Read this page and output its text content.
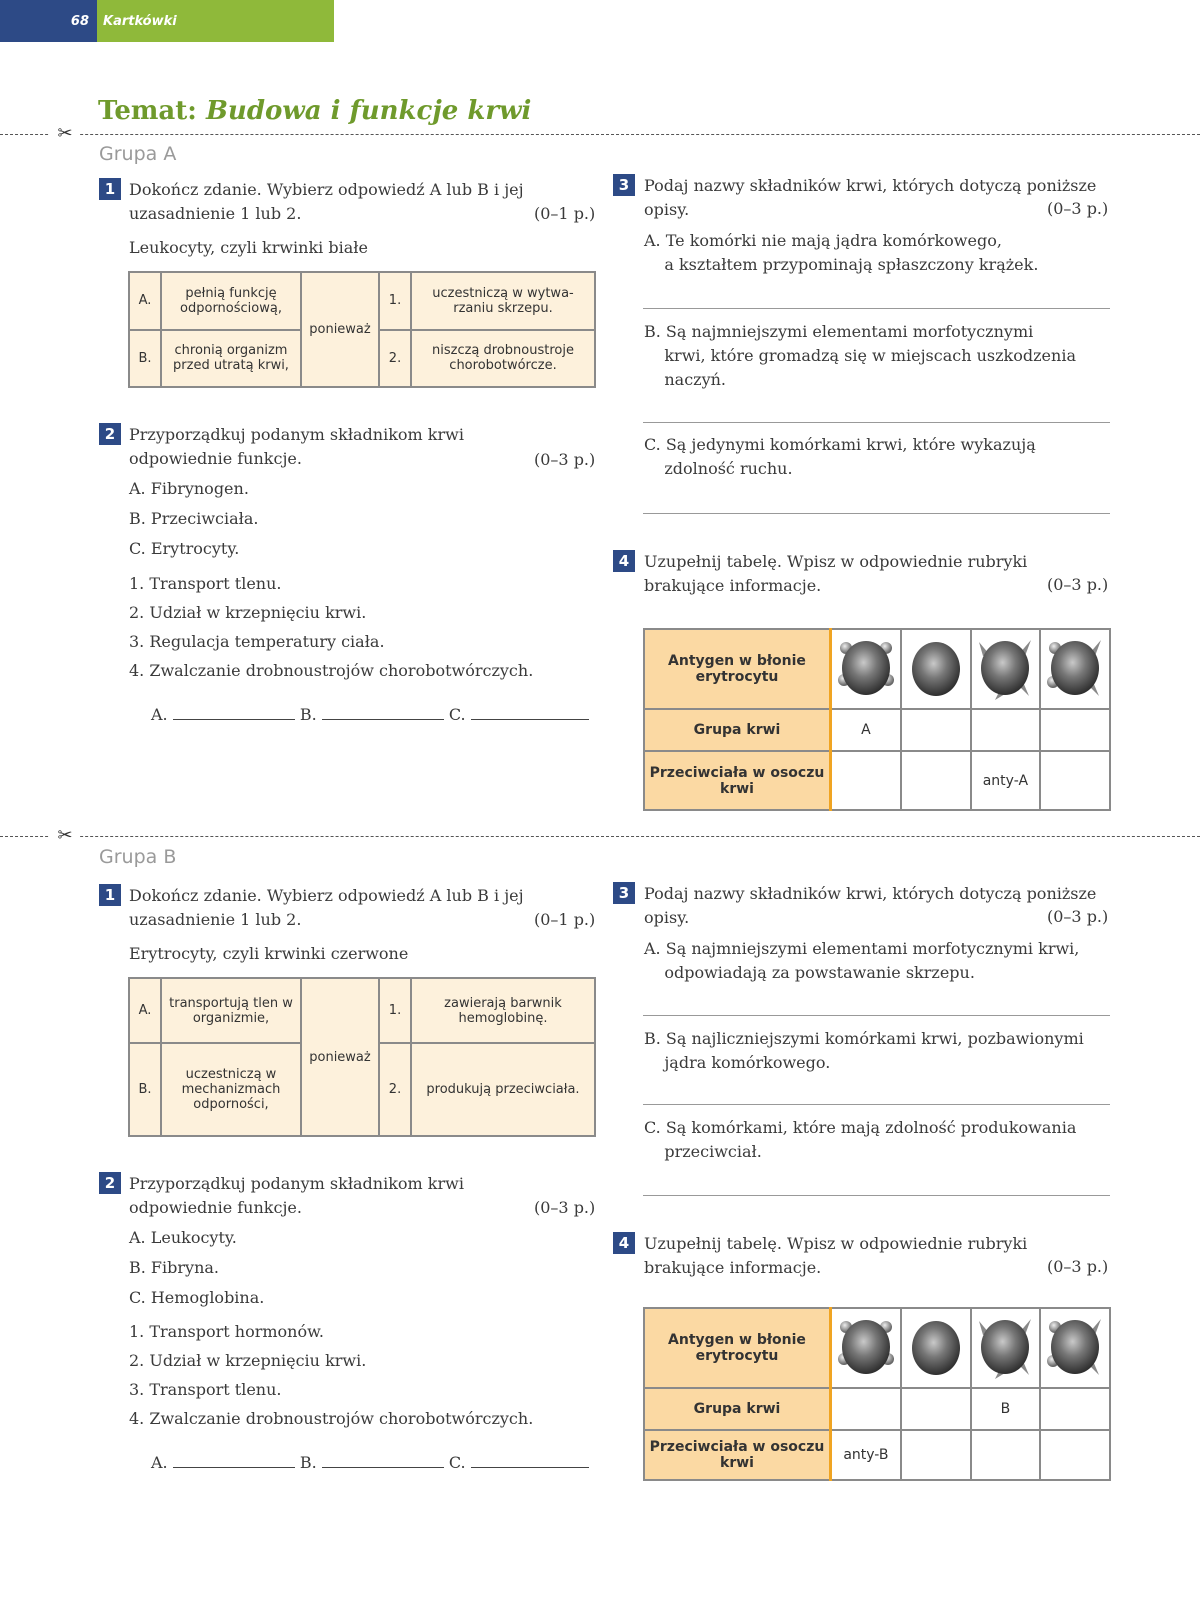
68	Kartkówki
Temat: Budowa i funkcje krwi
✂
Grupa A
1 Dokończ zdanie. Wybierz odpowiedź A lub B i jej
uzasadnienie 1 lub 2.	(0–1 p.)
Leukocyty, czyli krwinki białe
A.	pełnią funkcję odpornościową,	ponieważ	1.	uczestniczą w wytwa-rzaniu skrzepu.
B.	chronią organizm przed utratą krwi,		2.	niszczą drobnoustroje chorobotwórcze.
2 Przyporządkuj podanym składnikom krwi
odpowiednie funkcje.	(0–3 p.)
A. Fibrynogen.
B. Przeciwciała.
C. Erytrocyty.
1. Transport tlenu.
2. Udział w krzepnięciu krwi.
3. Regulacja temperatury ciała.
4. Zwalczanie drobnoustrojów chorobotwórczych.
A.	B.	C.
3 Podaj nazwy składników krwi, których dotyczą poniższe
opisy.	(0–3 p.)
A. Te komórki nie mają jądra komórkowego,
a kształtem przypominają spłaszczony krążek.
B. Są najmniejszymi elementami morfotycznymi
krwi, które gromadzą się w miejscach uszkodzenia
naczyń.
C. Są jedynymi komórkami krwi, które wykazują
zdolność ruchu.
4 Uzupełnij tabelę. Wpisz w odpowiednie rubryki
brakujące informacje.	(0–3 p.)
Antygen w błonie erytrocytu	

Grupa krwi	A			
Przeciwciała w osoczu krwi			anty-A	
✂
Grupa B
1 Dokończ zdanie. Wybierz odpowiedź A lub B i jej
uzasadnienie 1 lub 2.	(0–1 p.)
Erytrocyty, czyli krwinki czerwone
A.	transportują tlen w organizmie,	ponieważ	1.	zawierają barwnik hemoglobinę.
B.	uczestniczą w mechanizmach odporności,		2.	produkują przeciwciała.
2 Przyporządkuj podanym składnikom krwi
odpowiednie funkcje.	(0–3 p.)
A. Leukocyty.
B. Fibryna.
C. Hemoglobina.
1. Transport hormonów.
2. Udział w krzepnięciu krwi.
3. Transport tlenu.
4. Zwalczanie drobnoustrojów chorobotwórczych.
A.	B.	C.
3 Podaj nazwy składników krwi, których dotyczą poniższe
opisy.	(0–3 p.)
A. Są najmniejszymi elementami morfotycznymi krwi,
odpowiadają za powstawanie skrzepu.
B. Są najliczniejszymi komórkami krwi, pozbawionymi
jądra komórkowego.
C. Są komórkami, które mają zdolność produkowania
przeciwciał.
4 Uzupełnij tabelę. Wpisz w odpowiednie rubryki
brakujące informacje.	(0–3 p.)
Antygen w błonie erytrocytu	

Grupa krwi			B	
Przeciwciała w osoczu krwi	anty-B			
